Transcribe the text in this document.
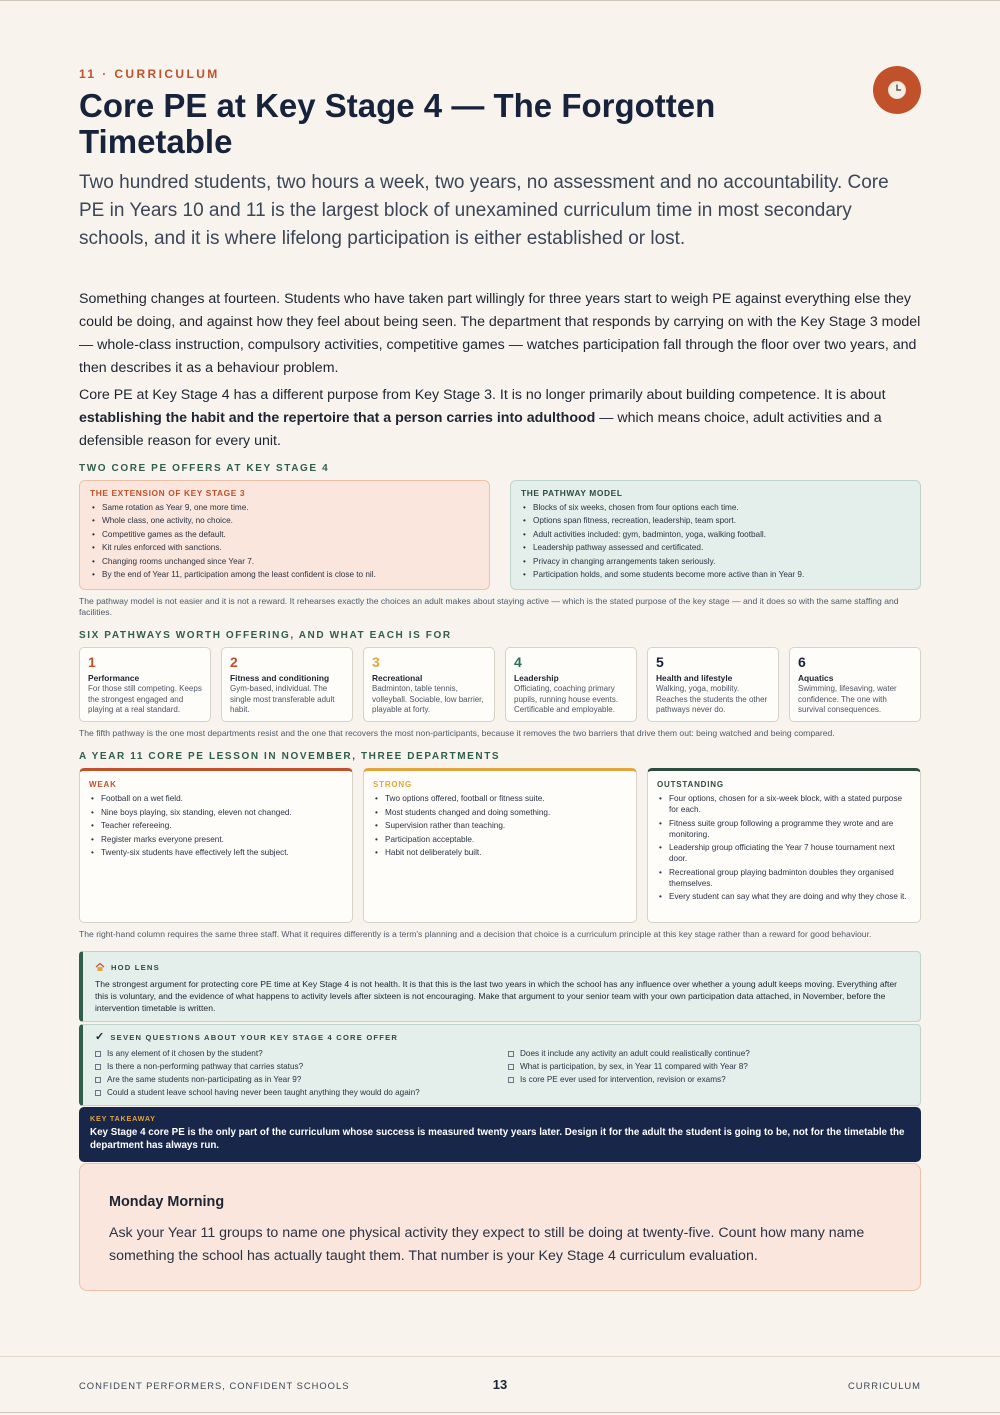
11 · CURRICULUM
Core PE at Key Stage 4 — The Forgotten Timetable

Two hundred students, two hours a week, two years, no assessment and no accountability. Core PE in Years 10 and 11 is the largest block of unexamined curriculum time in most secondary schools, and it is where lifelong participation is either established or lost.

Something changes at fourteen. Students who have taken part willingly for three years start to weigh PE against everything else they could be doing, and against how they feel about being seen. The department that responds by carrying on with the Key Stage 3 model — whole-class instruction, compulsory activities, competitive games — watches participation fall through the floor over two years, and then describes it as a behaviour problem.

Core PE at Key Stage 4 has a different purpose from Key Stage 3. It is no longer primarily about building competence. It is about establishing the habit and the repertoire that a person carries into adulthood — which means choice, adult activities and a defensible reason for every unit.

TWO CORE PE OFFERS AT KEY STAGE 4
THE EXTENSION OF KEY STAGE 3
• Same rotation as Year 9, one more time.
• Whole class, one activity, no choice.
• Competitive games as the default.
• Kit rules enforced with sanctions.
• Changing rooms unchanged since Year 7.
• By the end of Year 11, participation among the least confident is close to nil.
THE PATHWAY MODEL
• Blocks of six weeks, chosen from four options each time.
• Options span fitness, recreation, leadership, team sport.
• Adult activities included: gym, badminton, yoga, walking football.
• Leadership pathway assessed and certificated.
• Privacy in changing arrangements taken seriously.
• Participation holds, and some students become more active than in Year 9.

The pathway model is not easier and it is not a reward. It rehearses exactly the choices an adult makes about staying active — which is the stated purpose of the key stage — and it does so with the same staffing and facilities.

SIX PATHWAYS WORTH OFFERING, AND WHAT EACH IS FOR
1
Performance
For those still competing. Keeps the strongest engaged and playing at a real standard.
2
Fitness and conditioning
Gym-based, individual. The single most transferable adult habit.
3
Recreational
Badminton, table tennis, volleyball. Sociable, low barrier, playable at forty.
4
Leadership
Officiating, coaching primary pupils, running house events. Certificable and employable.
5
Health and lifestyle
Walking, yoga, mobility. Reaches the students the other pathways never do.
6
Aquatics
Swimming, lifesaving, water confidence. The one with survival consequences.

The fifth pathway is the one most departments resist and the one that recovers the most non-participants, because it removes the two barriers that drive them out: being watched and being compared.

A YEAR 11 CORE PE LESSON IN NOVEMBER, THREE DEPARTMENTS
WEAK
• Football on a wet field.
• Nine boys playing, six standing, eleven not changed.
• Teacher refereeing.
• Register marks everyone present.
• Twenty-six students have effectively left the subject.
STRONG
• Two options offered, football or fitness suite.
• Most students changed and doing something.
• Supervision rather than teaching.
• Participation acceptable.
• Habit not deliberately built.
OUTSTANDING
• Four options, chosen for a six-week block, with a stated purpose for each.
• Fitness suite group following a programme they wrote and are monitoring.
• Leadership group officiating the Year 7 house tournament next door.
• Recreational group playing badminton doubles they organised themselves.
• Every student can say what they are doing and why they chose it.

The right-hand column requires the same three staff. What it requires differently is a term's planning and a decision that choice is a curriculum principle at this key stage rather than a reward for good behaviour.

HOD LENS

The strongest argument for protecting core PE time at Key Stage 4 is not health. It is that this is the last two years in which the school has any influence over whether a young adult keeps moving. Everything after this is voluntary, and the evidence of what happens to activity levels after sixteen is not encouraging. Make that argument to your senior team with your own participation data attached, in November, before the intervention timetable is written.

✓ SEVEN QUESTIONS ABOUT YOUR KEY STAGE 4 CORE OFFER
Is any element of it chosen by the student?
Is there a non-performing pathway that carries status?
Are the same students non-participating as in Year 9?
Could a student leave school having never been taught anything they would do again?
Does it include any activity an adult could realistically continue?
What is participation, by sex, in Year 11 compared with Year 8?
Is core PE ever used for intervention, revision or exams?
KEY TAKEAWAY

Key Stage 4 core PE is the only part of the curriculum whose success is measured twenty years later. Design it for the adult the student is going to be, not for the timetable the department has always run.

Monday Morning

Ask your Year 11 groups to name one physical activity they expect to still be doing at twenty-five. Count how many name something the school has actually taught them. That number is your Key Stage 4 curriculum evaluation.

CONFIDENT PERFORMERS, CONFIDENT SCHOOLS	13	CURRICULUM
